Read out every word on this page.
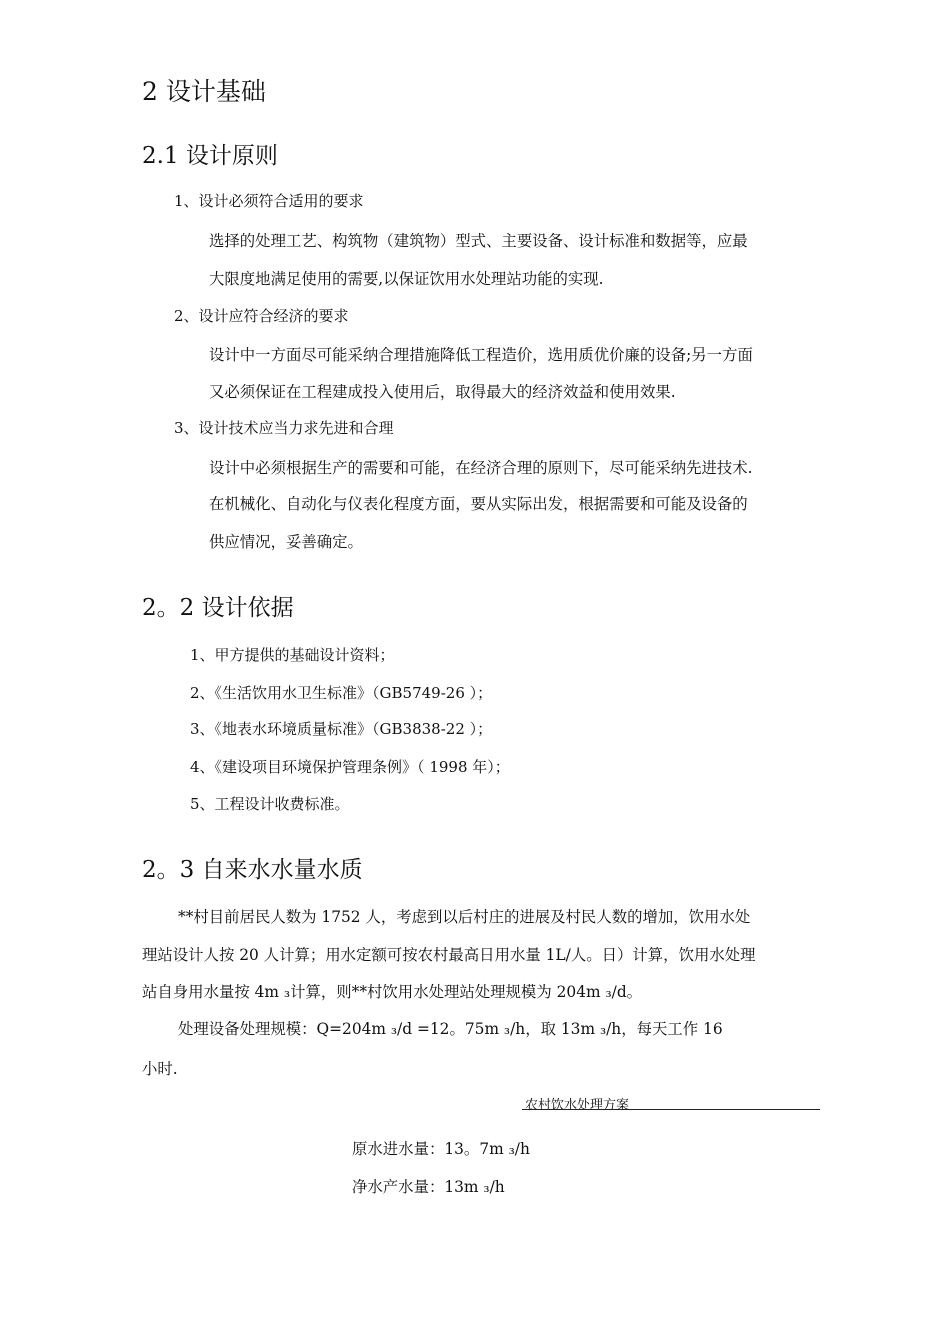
2 设计基础
2.1 设计原则
1、设计必须符合适用的要求
选择的处理工艺、构筑物（建筑物）型式、主要设备、设计标准和数据等，应最
大限度地满足使用的需要,以保证饮用水处理站功能的实现.
2、设计应符合经济的要求
设计中一方面尽可能采纳合理措施降低工程造价，选用质优价廉的设备;另一方面
又必须保证在工程建成投入使用后，取得最大的经济效益和使用效果.
3、设计技术应当力求先进和合理
设计中必须根据生产的需要和可能，在经济合理的原则下，尽可能采纳先进技术.
在机械化、自动化与仪表化程度方面，要从实际出发，根据需要和可能及设备的
供应情况，妥善确定。
2。2 设计依据
1、甲方提供的基础设计资料；
2、《生活饮用水卫生标准》（GB5749-26 ）；
3、《地表水环境质量标准》（GB3838-22 ）；
4、《建设项目环境保护管理条例》（ 1998 年）；
5、工程设计收费标准。
2。3 自来水水量水质
**村目前居民人数为 1752 人，考虑到以后村庄的进展及村民人数的增加，饮用水处
理站设计人按 20 人计算；用水定额可按农村最高日用水量 1L/人。日）计算，饮用水处理
站自身用水量按 4m ₃计算，则**村饮用水处理站处理规模为 204m ₃/d。
处理设备处理规模：Q=204m ₃/d =12。75m ₃/h，取 13m ₃/h，每天工作 16
小时.
农村饮水处理方案
原水进水量：13。7m ₃/h
净水产水量：13m ₃/h
